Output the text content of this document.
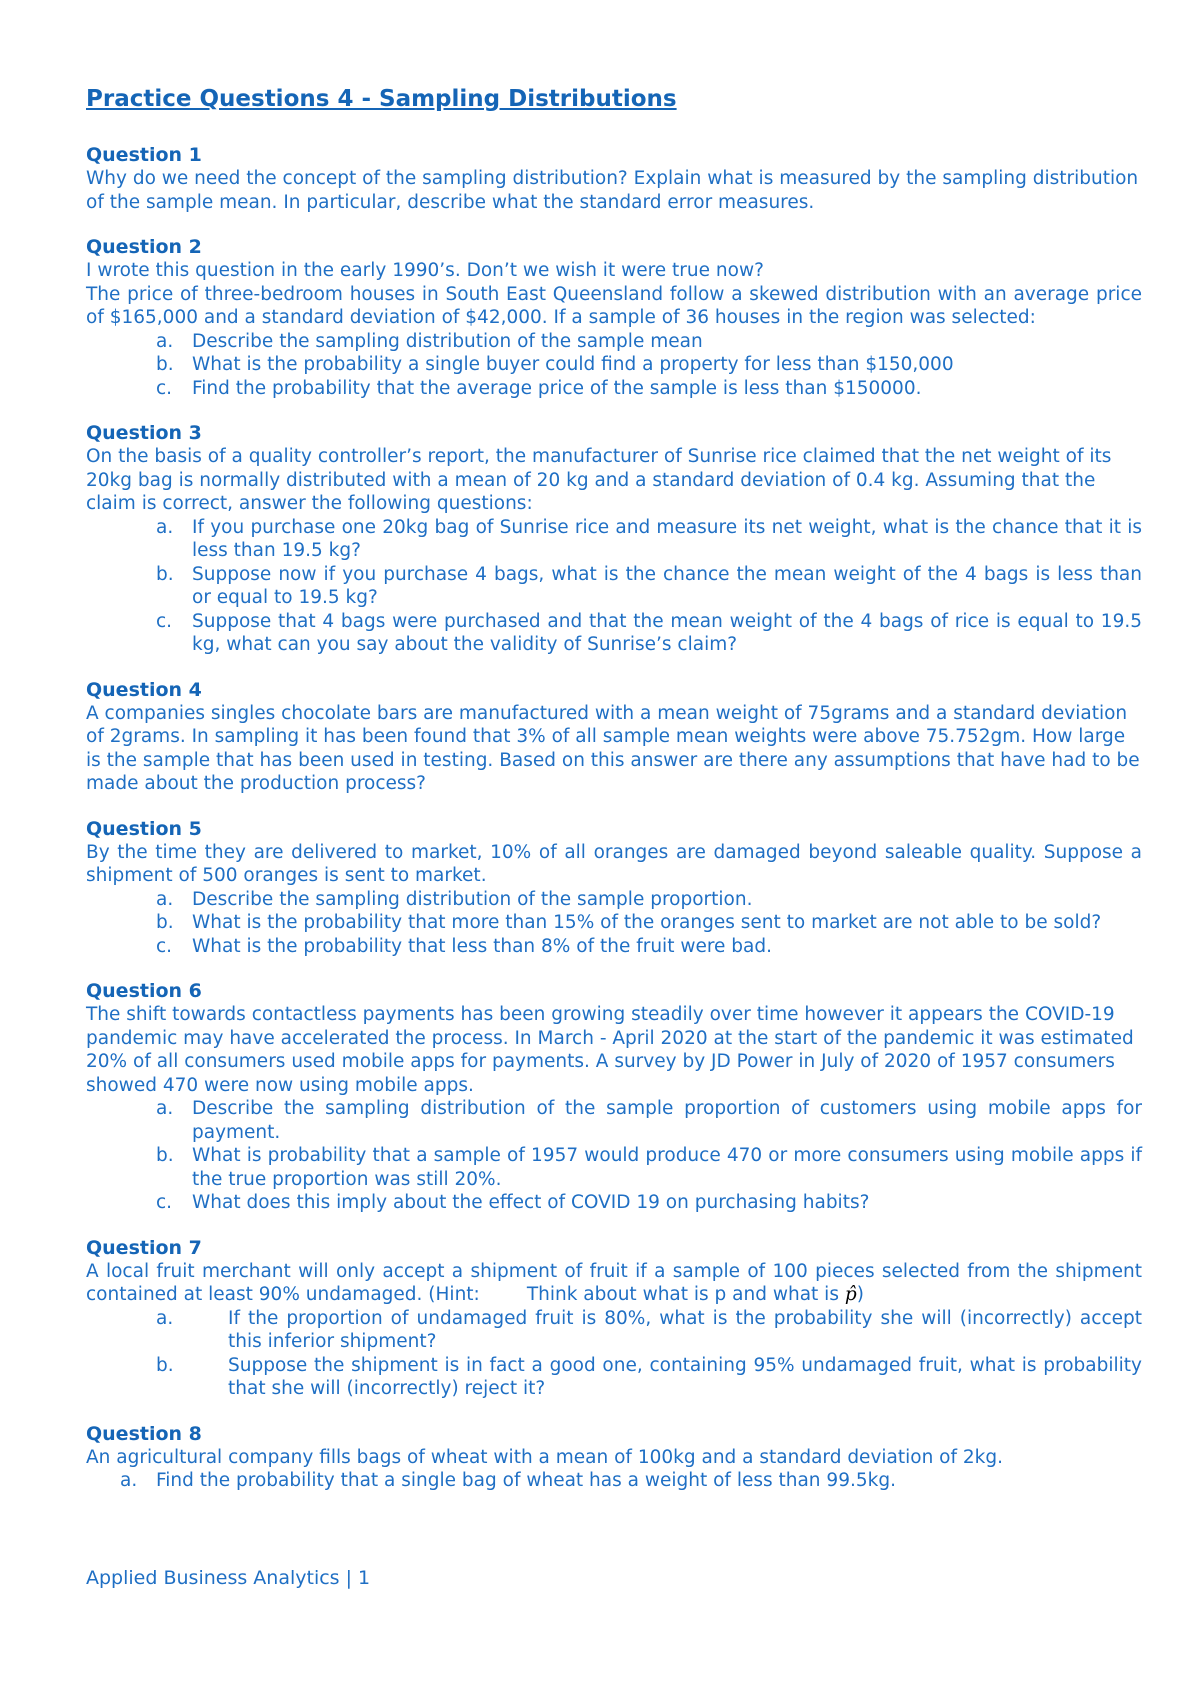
Practice Questions 4 - Sampling Distributions
Question 1
Why do we need the concept of the sampling distribution? Explain what is measured by the sampling distribution of the sample mean. In particular, describe what the standard error measures.
Question 2
I wrote this question in the early 1990’s. Don’t we wish it were true now?
The price of three-bedroom houses in South East Queensland follow a skewed distribution with an average price of $165,000 and a standard deviation of $42,000. If a sample of 36 houses in the region was selected:
a.	Describe the sampling distribution of the sample mean
b. What is the probability a single buyer could find a property for less than $150,000
c.	Find the probability that the average price of the sample is less than $150000.
Question 3
On the basis of a quality controller’s report, the manufacturer of Sunrise rice claimed that the net weight of its 20kg bag is normally distributed with a mean of 20 kg and a standard deviation of 0.4 kg. Assuming that the claim is correct, answer the following questions:
a.	If you purchase one 20kg bag of Sunrise rice and measure its net weight, what is the chance that it is less than 19.5 kg?
b. Suppose now if you purchase 4 bags, what is the chance the mean weight of the 4 bags is less than or equal to 19.5 kg?
c.	Suppose that 4 bags were purchased and that the mean weight of the 4 bags of rice is equal to 19.5 kg, what can you say about the validity of Sunrise’s claim?
Question 4
A companies singles chocolate bars are manufactured with a mean weight of 75grams and a standard deviation of 2grams. In sampling it has been found that 3% of all sample mean weights were above 75.752gm. How large is the sample that has been used in testing. Based on this answer are there any assumptions that have had to be made about the production process?
Question 5
By the time they are delivered to market, 10% of all oranges are damaged beyond saleable quality. Suppose a shipment of 500 oranges is sent to market.
a.	Describe the sampling distribution of the sample proportion.
b. What is the probability that more than 15% of the oranges sent to market are not able to be sold?
c.	What is the probability that less than 8% of the fruit were bad.
Question 6
The shift towards contactless payments has been growing steadily over time however it appears the COVID-19 pandemic may have accelerated the process. In March - April 2020 at the start of the pandemic it was estimated 20% of all consumers used mobile apps for payments. A survey by JD Power in July of 2020 of 1957 consumers showed 470 were now using mobile apps.
a.	Describe the sampling distribution of the sample proportion of customers using mobile apps for payment.
b. What is probability that a sample of 1957 would produce 470 or more consumers using mobile apps if the true proportion was still 20%.
c.	What does this imply about the effect of COVID 19 on purchasing habits?
Question 7
A local fruit merchant will only accept a shipment of fruit if a sample of 100 pieces selected from the shipment contained at least 90% undamaged. (Hint:        Think about what is p and what is p̂)
a.	If the proportion of undamaged fruit is 80%, what is the probability she will (incorrectly) accept this inferior shipment?
b.	Suppose the shipment is in fact a good one, containing 95% undamaged fruit, what is probability that she will (incorrectly) reject it?
Question 8
An agricultural company fills bags of wheat with a mean of 100kg and a standard deviation of 2kg.
a.	Find the probability that a single bag of wheat has a weight of less than 99.5kg.
Applied Business Analytics | 1
